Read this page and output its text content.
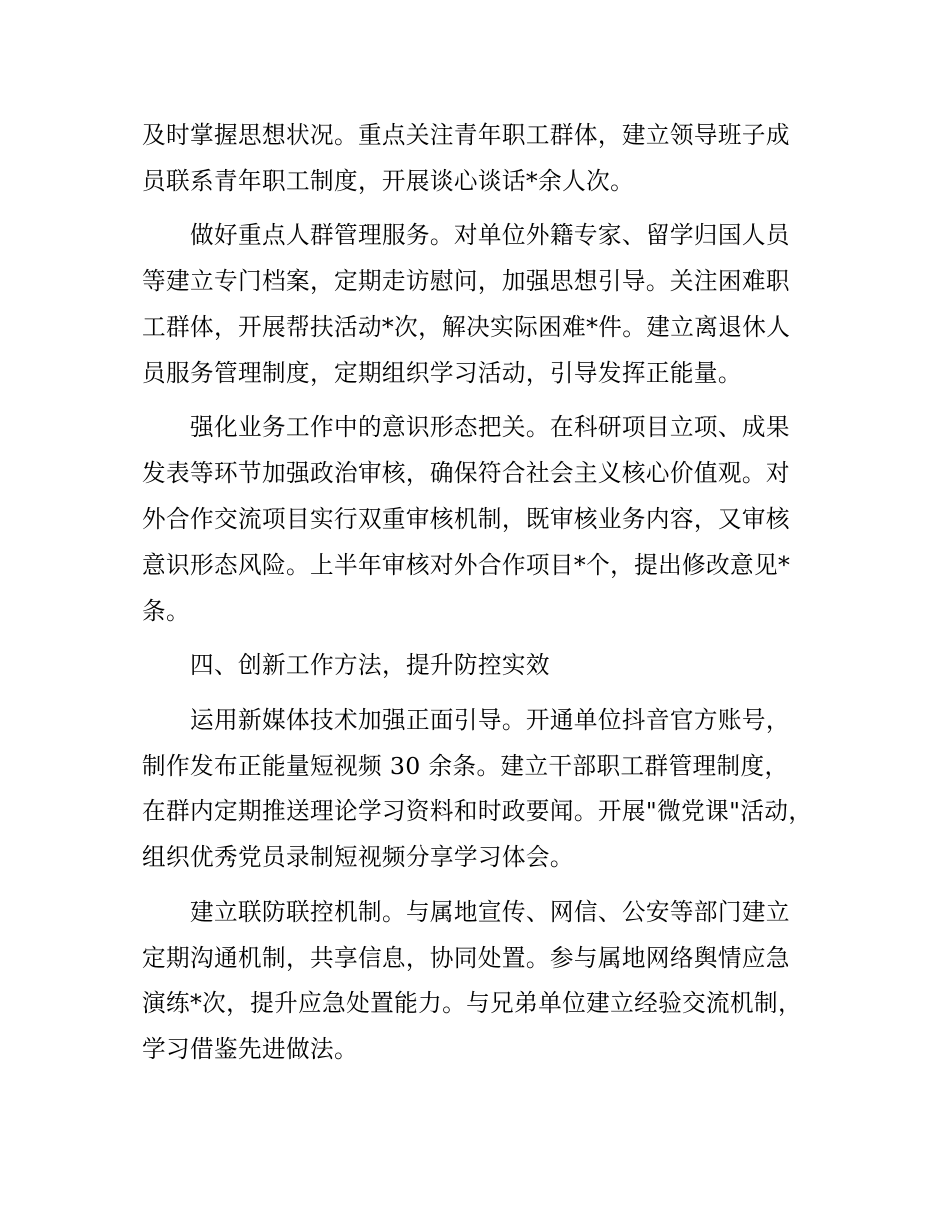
及时掌握思想状况。重点关注青年职工群体，建立领导班子成
员联系青年职工制度，开展谈心谈话*余人次。
做好重点人群管理服务。对单位外籍专家、留学归国人员
等建立专门档案，定期走访慰问，加强思想引导。关注困难职
工群体，开展帮扶活动*次，解决实际困难*件。建立离退休人
员服务管理制度，定期组织学习活动，引导发挥正能量。
强化业务工作中的意识形态把关。在科研项目立项、成果
发表等环节加强政治审核，确保符合社会主义核心价值观。对
外合作交流项目实行双重审核机制，既审核业务内容，又审核
意识形态风险。上半年审核对外合作项目*个，提出修改意见*
条。
四、创新工作方法，提升防控实效
运用新媒体技术加强正面引导。开通单位抖音官方账号，
制作发布正能量短视频 30 余条。建立干部职工群管理制度，
在群内定期推送理论学习资料和时政要闻。开展"微党课"活动，
组织优秀党员录制短视频分享学习体会。
建立联防联控机制。与属地宣传、网信、公安等部门建立
定期沟通机制，共享信息，协同处置。参与属地网络舆情应急
演练*次，提升应急处置能力。与兄弟单位建立经验交流机制，
学习借鉴先进做法。
